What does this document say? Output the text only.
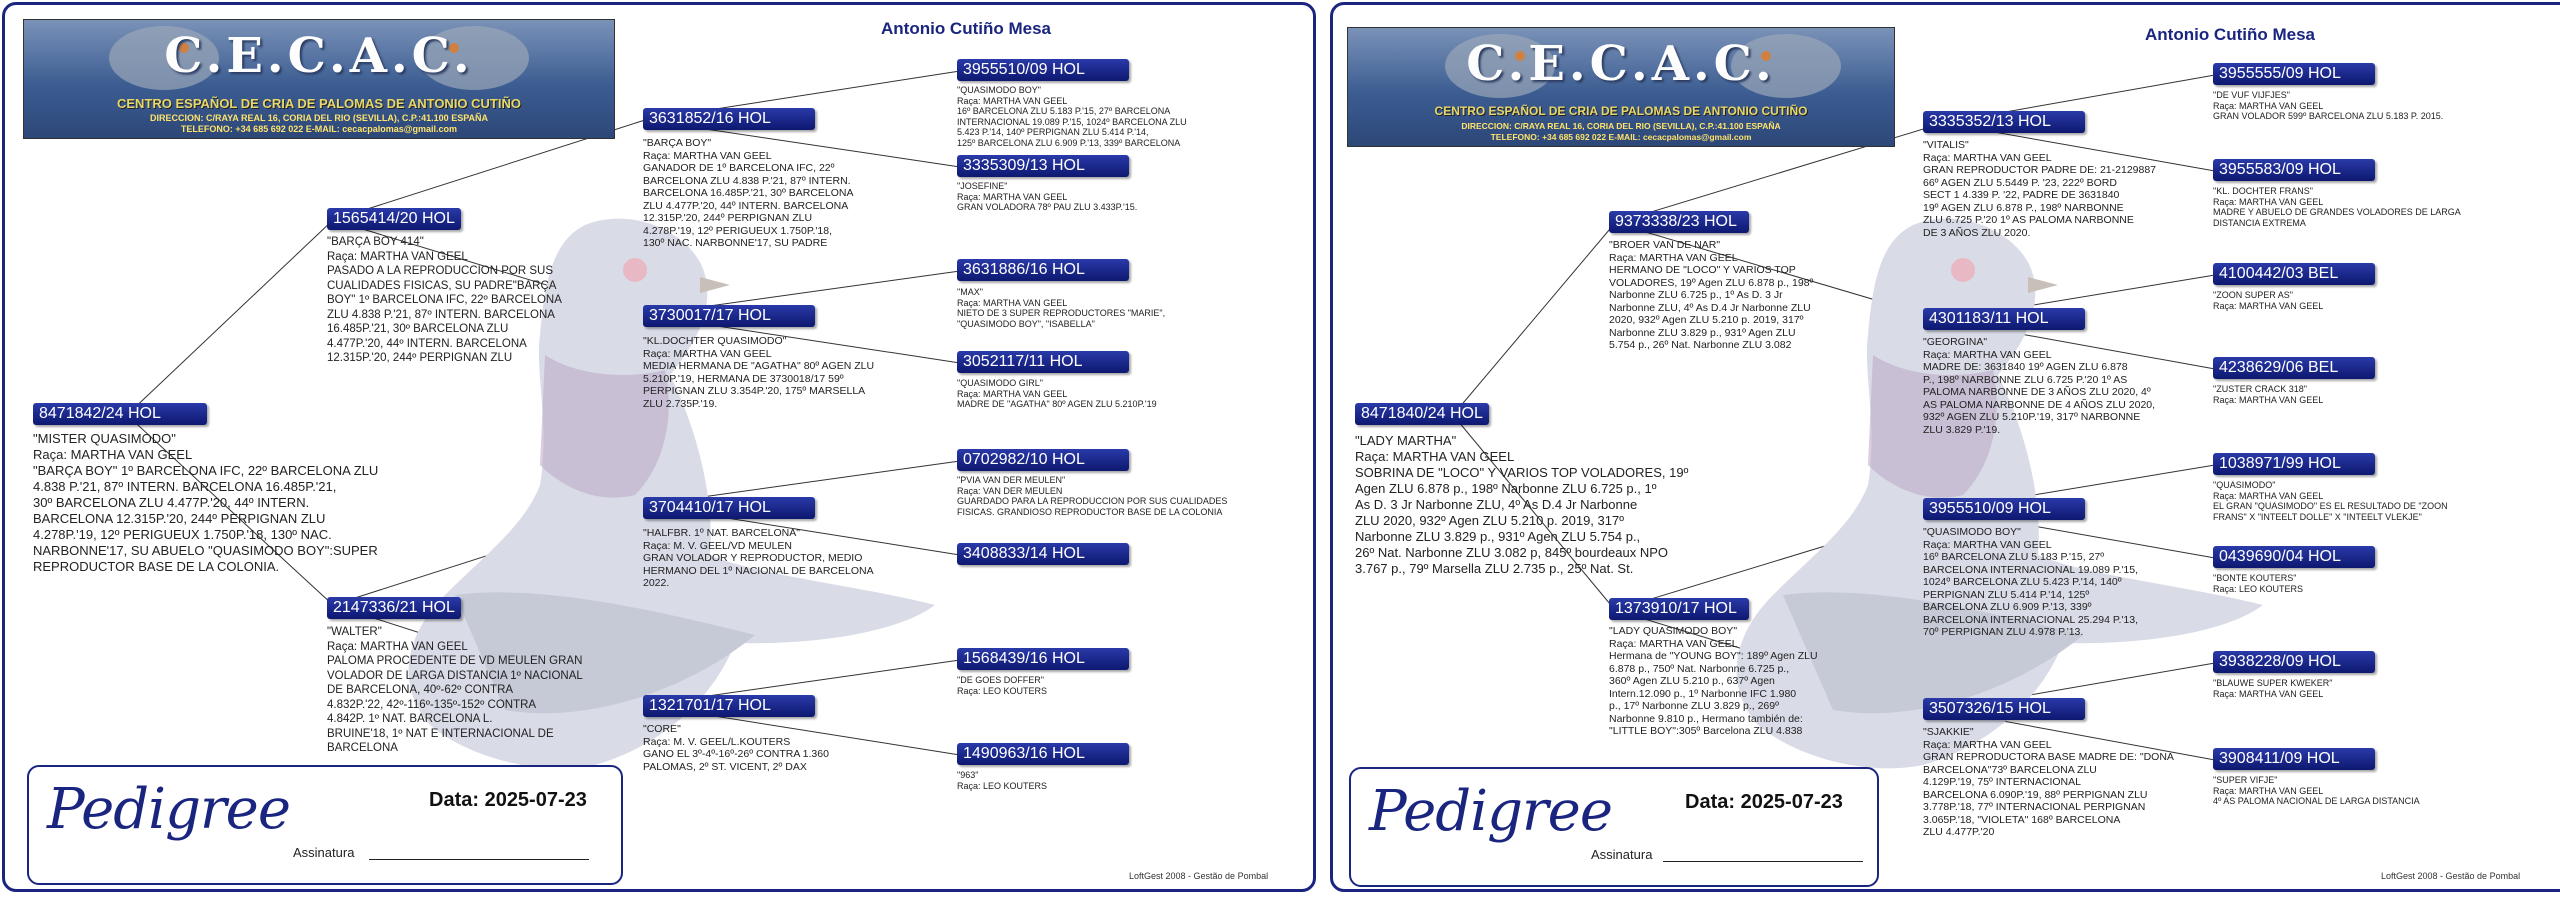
C.E.C.A.C.
CENTRO ESPAÑOL DE CRIA DE PALOMAS DE ANTONIO CUTIÑO
DIRECCION: C/RAYA REAL 16, CORIA DEL RIO (SEVILLA), C.P.:41.100 ESPAÑA
TELEFONO: +34 685 692 022 E-MAIL: cecacpalomas@gmail.com
Antonio Cutiño Mesa
8471842/24 HOL
"MISTER QUASIMODO"
Raça: MARTHA VAN GEEL
"BARÇA BOY" 1º BARCELONA IFC, 22º BARCELONA ZLU
4.838 P.'21, 87º INTERN. BARCELONA 16.485P.'21,
30º BARCELONA ZLU 4.477P.'20, 44º INTERN.
BARCELONA 12.315P.'20, 244º PERPIGNAN ZLU
4.278P.'19, 12º PERIGUEUX 1.750P.'18, 130º NAC.
NARBONNE'17, SU ABUELO "QUASIMODO BOY":SUPER
REPRODUCTOR BASE DE LA COLONIA.
1565414/20 HOL
"BARÇA BOY 414"
Raça: MARTHA VAN GEEL
PASADO A LA REPRODUCCION POR SUS
CUALIDADES FISICAS, SU PADRE"BARÇA
BOY" 1º BARCELONA IFC, 22º BARCELONA
ZLU 4.838 P.'21, 87º INTERN. BARCELONA
16.485P.'21, 30º BARCELONA ZLU
4.477P.'20, 44º INTERN. BARCELONA
12.315P.'20, 244º PERPIGNAN ZLU
2147336/21 HOL
"WALTER"
Raça: MARTHA VAN GEEL
PALOMA PROCEDENTE DE VD MEULEN GRAN
VOLADOR DE LARGA DISTANCIA 1º NACIONAL
DE BARCELONA, 40º-62º CONTRA
4.832P.'22, 42º-116º-135º-152º CONTRA
4.842P. 1º NAT. BARCELONA L.
BRUINE'18, 1º NAT E INTERNACIONAL DE
BARCELONA
3631852/16 HOL
"BARÇA BOY"
Raça: MARTHA VAN GEEL
GANADOR DE 1º BARCELONA IFC, 22º
BARCELONA ZLU 4.838 P.'21, 87º INTERN.
BARCELONA 16.485P.'21, 30º BARCELONA
ZLU 4.477P.'20, 44º INTERN. BARCELONA
12.315P.'20, 244º PERPIGNAN ZLU
4.278P.'19, 12º PERIGUEUX 1.750P.'18,
130º NAC. NARBONNE'17, SU PADRE
3730017/17 HOL
"KL.DOCHTER QUASIMODO"
Raça: MARTHA VAN GEEL
MEDIA HERMANA DE "AGATHA" 80º AGEN ZLU
5.210P.'19, HERMANA DE 3730018/17 59º
PERPIGNAN ZLU 3.354P.'20, 175º MARSELLA
ZLU 2.735P.'19.
3704410/17 HOL
"HALFBR. 1º NAT. BARCELONA"
Raça: M. V. GEEL/VD MEULEN
GRAN VOLADOR Y REPRODUCTOR, MEDIO
HERMANO DEL 1º NACIONAL DE BARCELONA
2022.
1321701/17 HOL
"CORE"
Raça: M. V. GEEL/L.KOUTERS
GANO EL 3º-4º-16º-26º CONTRA 1.360
PALOMAS, 2º ST. VICENT, 2º DAX
3955510/09 HOL
"QUASIMODO BOY"
Raça: MARTHA VAN GEEL
16º BARCELONA ZLU 5.183 P.'15, 27º BARCELONA
INTERNACIONAL 19.089 P.'15, 1024º BARCELONA ZLU
5.423 P.'14, 140º PERPIGNAN ZLU 5.414 P.'14,
125º BARCELONA ZLU 6.909 P.'13, 339º BARCELONA
3335309/13 HOL
"JOSEFINE"
Raça: MARTHA VAN GEEL
GRAN VOLADORA 78º PAU ZLU 3.433P.'15.
3631886/16 HOL
"MAX"
Raça: MARTHA VAN GEEL
NIETO DE 3 SUPER REPRODUCTORES "MARIE",
"QUASIMODO BOY", "ISABELLA"
3052117/11 HOL
"QUASIMODO GIRL"
Raça: MARTHA VAN GEEL
MADRE DE "AGATHA" 80º AGEN ZLU 5.210P.'19
0702982/10 HOL
"PVIA VAN DER MEULEN"
Raça: VAN DER MEULEN
GUARDADO PARA LA REPRODUCCION POR SUS CUALIDADES
FISICAS. GRANDIOSO REPRODUCTOR BASE DE LA COLONIA
3408833/14 HOL
1568439/16 HOL
"DE GOES DOFFER"
Raça: LEO KOUTERS
1490963/16 HOL
"963"
Raça: LEO KOUTERS
Pedigree	Data: 2025-07-23
Assinatura
LoftGest 2008 - Gestão de Pombal
C.E.C.A.C.
CENTRO ESPAÑOL DE CRIA DE PALOMAS DE ANTONIO CUTIÑO
DIRECCION: C/RAYA REAL 16, CORIA DEL RIO (SEVILLA), C.P.:41.100 ESPAÑA
TELEFONO: +34 685 692 022 E-MAIL: cecacpalomas@gmail.com
Antonio Cutiño Mesa
8471840/24 HOL
"LADY MARTHA"
Raça: MARTHA VAN GEEL
SOBRINA DE "LOCO" Y VARIOS TOP VOLADORES, 19º
Agen ZLU 6.878 p., 198º Narbonne ZLU 6.725 p., 1º
As D. 3 Jr Narbonne ZLU, 4º As D.4 Jr Narbonne
ZLU 2020, 932º Agen ZLU 5.210 p. 2019, 317º
Narbonne ZLU 3.829 p., 931º Agen ZLU 5.754 p.,
26º Nat. Narbonne ZLU 3.082 p, 845º bourdeaux NPO
3.767 p., 79º Marsella ZLU 2.735 p., 25º Nat. St.
9373338/23 HOL
"BROER VAN DE NAR"
Raça: MARTHA VAN GEEL
HERMANO DE "LOCO" Y VARIOS TOP
VOLADORES, 19º Agen ZLU 6.878 p., 198º
Narbonne ZLU 6.725 p., 1º As D. 3 Jr
Narbonne ZLU, 4º As D.4 Jr Narbonne ZLU
2020, 932º Agen ZLU 5.210 p. 2019, 317º
Narbonne ZLU 3.829 p., 931º Agen ZLU
5.754 p., 26º Nat. Narbonne ZLU 3.082
1373910/17 HOL
"LADY QUASIMODO BOY"
Raça: MARTHA VAN GEEL
Hermana de "YOUNG BOY": 189º Agen ZLU
6.878 p., 750º Nat. Narbonne 6.725 p.,
360º Agen ZLU 5.210 p., 637º Agen
Intern.12.090 p., 1º Narbonne IFC 1.980
p., 17º Narbonne ZLU 3.829 p., 269º
Narbonne 9.810 p., Hermano también de:
"LITTLE BOY":305º Barcelona ZLU 4.838
3335352/13 HOL
"VITALIS"
Raça: MARTHA VAN GEEL
GRAN REPRODUCTOR PADRE DE: 21-2129887
66º AGEN ZLU 5.5449 P. '23, 222º BORD
SECT 1 4.339 P. '22, PADRE DE 3631840
19º AGEN ZLU 6.878 P., 198º NARBONNE
ZLU 6.725 P.'20 1º AS PALOMA NARBONNE
DE 3 AÑOS ZLU 2020.
4301183/11 HOL
"GEORGINA"
Raça: MARTHA VAN GEEL
MADRE DE: 3631840 19º AGEN ZLU 6.878
P., 198º NARBONNE ZLU 6.725 P.'20 1º AS
PALOMA NARBONNE DE 3 AÑOS ZLU 2020, 4º
AS PALOMA NARBONNE DE 4 AÑOS ZLU 2020,
932º AGEN ZLU 5.210P.'19, 317º NARBONNE
ZLU 3.829 P.'19.
3955510/09 HOL
"QUASIMODO BOY"
Raça: MARTHA VAN GEEL
16º BARCELONA ZLU 5.183 P.'15, 27º
BARCELONA INTERNACIONAL 19.089 P.'15,
1024º BARCELONA ZLU 5.423 P.'14, 140º
PERPIGNAN ZLU 5.414 P.'14, 125º
BARCELONA ZLU 6.909 P.'13, 339º
BARCELONA INTERNACIONAL 25.294 P.'13,
70º PERPIGNAN ZLU 4.978 P.'13.
3507326/15 HOL
"SJAKKIE"
Raça: MARTHA VAN GEEL
GRAN REPRODUCTORA BASE MADRE DE: "DONA
BARCELONA"73º BARCELONA ZLU
4.129P.'19, 75º INTERNACIONAL
BARCELONA 6.090P.'19, 88º PERPIGNAN ZLU
3.778P.'18, 77º INTERNACIONAL PERPIGNAN
3.065P.'18, "VIOLETA" 168º BARCELONA
ZLU 4.477P.'20
3955555/09 HOL
"DE VUF VIJFJES"
Raça: MARTHA VAN GEEL
GRAN VOLADOR 599º BARCELONA ZLU 5.183 P. 2015.
3955583/09 HOL
"KL. DOCHTER FRANS"
Raça: MARTHA VAN GEEL
MADRE Y ABUELO DE GRANDES VOLADORES DE LARGA
DISTANCIA EXTREMA
4100442/03 BEL
"ZOON SUPER AS"
Raça: MARTHA VAN GEEL
4238629/06 BEL
"ZUSTER CRACK 318"
Raça: MARTHA VAN GEEL
1038971/99 HOL
"QUASIMODO"
Raça: MARTHA VAN GEEL
EL GRAN "QUASIMODO" ES EL RESULTADO DE "ZOON
FRANS" X "INTEELT DOLLE" X "INTEELT VLEKJE"
0439690/04 HOL
"BONTE KOUTERS"
Raça: LEO KOUTERS
3938228/09 HOL
"BLAUWE SUPER KWEKER"
Raça: MARTHA VAN GEEL
3908411/09 HOL
"SUPER VIFJE"
Raça: MARTHA VAN GEEL
4º AS PALOMA NACIONAL DE LARGA DISTANCIA
Pedigree	Data: 2025-07-23
Assinatura
LoftGest 2008 - Gestão de Pombal
